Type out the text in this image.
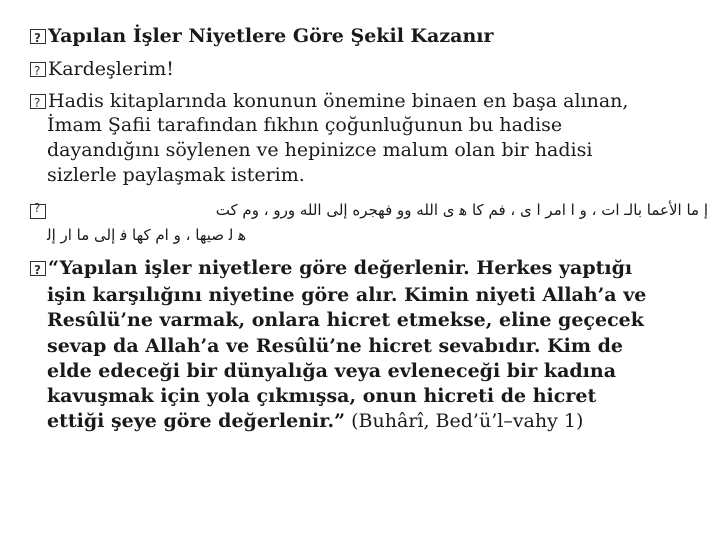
?Yapılan İşler Niyetlere Göre Şekil Kazanır
?Kardeşlerim!
?Hadis kitaplarında konunun önemine binaen en başa alınan,
İmam Şafii tarafından fıkhın çoğunluğunun bu hadise
dayandığını söylenen ve hepinizce malum olan bir hadisi
sizlerle paylaşmak isterim.
?
إ ما الأعما بالـ ات ، و ا امر ا ى ، فم كا ﻫ ى الله وو فهجره إلى الله ورو ، وم كت
ﻫ ﻟ ﺻﻴﻬﺎ ، و ام كها ﻓ إلى ما ار إﻟ
?“Yapılan işler niyetlere göre değerlenir. Herkes yaptığı
işin karşılığını niyetine göre alır. Kimin niyeti Allah’a ve
Resûlü’ne varmak, onlara hicret etmekse, eline geçecek
sevap da Allah’a ve Resûlü’ne hicret sevabıdır. Kim de
elde edeceği bir dünyalığa veya evleneceği bir kadına
kavuşmak için yola çıkmışsa, onun hicreti de hicret
ettiği şeye göre değerlenir.” (Buhârî, Bed’ü’l–vahy 1)
